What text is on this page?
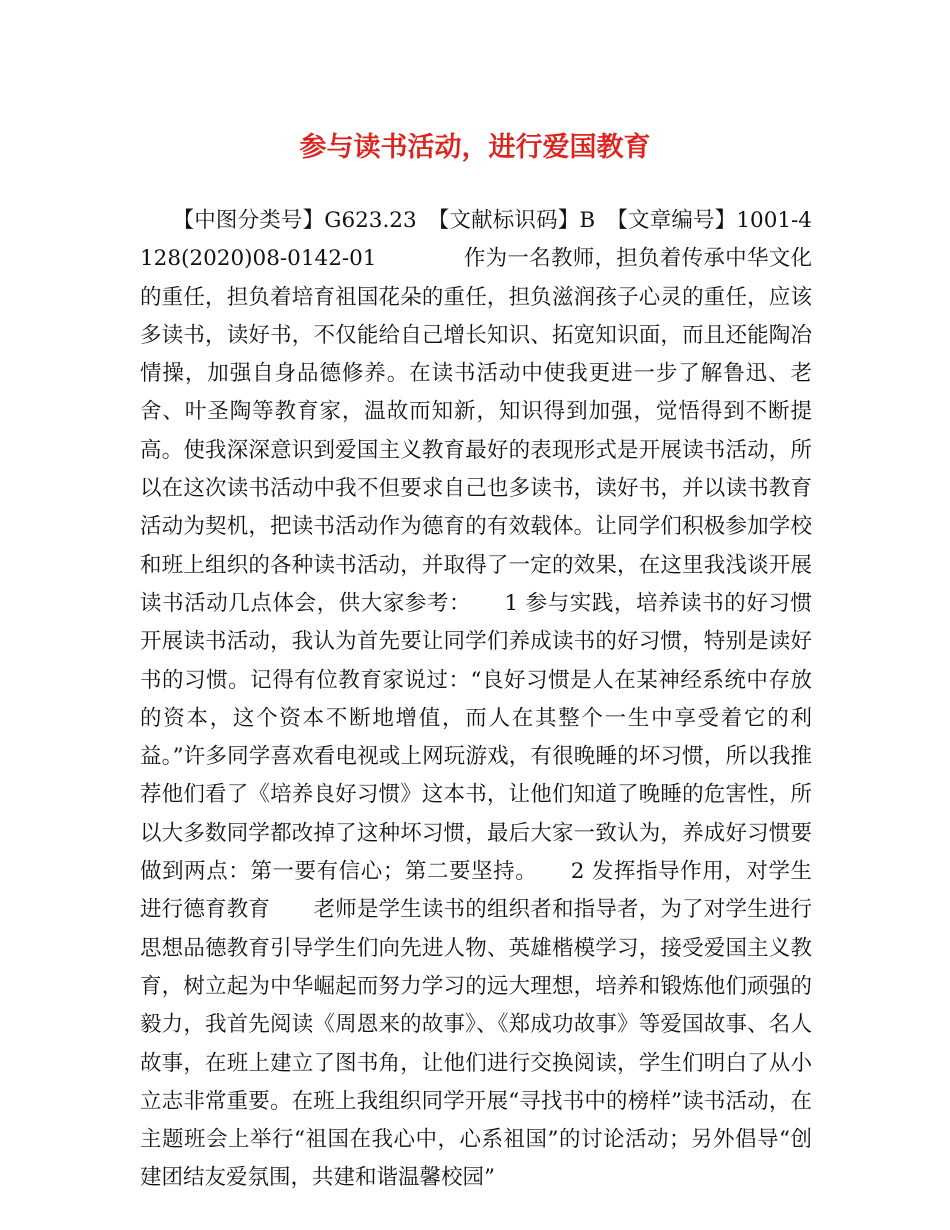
参与读书活动，进行爱国教育

　　【中图分类号】G623.23　【文献标识码】B　【文章编号】1001-4128(2020)08-0142-01　　　　作为一名教师，担负着传承中华文化的重任，担负着培育祖国花朵的重任，担负滋润孩子心灵的重任，应该多读书，读好书，不仅能给自己增长知识、拓宽知识面，而且还能陶冶情操，加强自身品德修养。在读书活动中使我更进一步了解鲁迅、老舍、叶圣陶等教育家，温故而知新，知识得到加强，觉悟得到不断提高。使我深深意识到爱国主义教育最好的表现形式是开展读书活动，所以在这次读书活动中我不但要求自己也多读书，读好书，并以读书教育活动为契机，把读书活动作为德育的有效载体。让同学们积极参加学校和班上组织的各种读书活动，并取得了一定的效果，在这里我浅谈开展读书活动几点体会，供大家参考：　　1 参与实践，培养读书的好习惯　　开展读书活动，我认为首先要让同学们养成读书的好习惯，特别是读好书的习惯。记得有位教育家说过：“良好习惯是人在某神经系统中存放的资本，这个资本不断地增值，而人在其整个一生中享受着它的利益。”许多同学喜欢看电视或上网玩游戏，有很晚睡的坏习惯，所以我推荐他们看了《培养良好习惯》这本书，让他们知道了晚睡的危害性，所以大多数同学都改掉了这种坏习惯，最后大家一致认为，养成好习惯要做到两点：第一要有信心；第二要坚持。　　2 发挥指导作用，对学生进行德育教育　　老师是学生读书的组织者和指导者，为了对学生进行思想品德教育引导学生们向先进人物、英雄楷模学习，接受爱国主义教育，树立起为中华崛起而努力学习的远大理想，培养和锻炼他们顽强的毅力，我首先阅读《周恩来的故事》、《郑成功故事》等爱国故事、名人故事，在班上建立了图书角，让他们进行交换阅读，学生们明白了从小立志非常重要。在班上我组织同学开展“寻找书中的榜样”读书活动，在主题班会上举行“祖国在我心中，心系祖国”的讨论活动；另外倡导“创建团结友爱氛围，共建和谐温馨校园”
